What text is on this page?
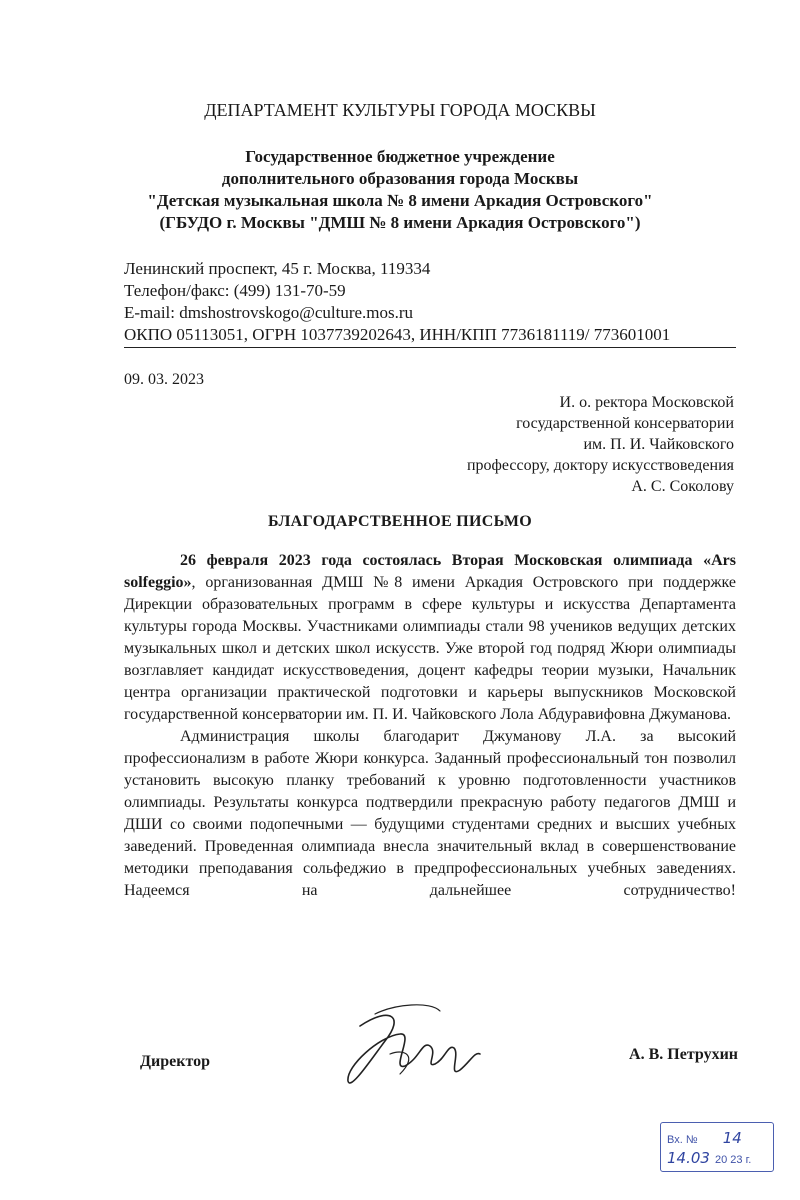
ДЕПАРТАМЕНТ КУЛЬТУРЫ ГОРОДА МОСКВЫ
Государственное бюджетное учреждение
дополнительного образования города Москвы
"Детская музыкальная школа № 8 имени Аркадия Островского"
(ГБУДО г. Москвы "ДМШ № 8 имени Аркадия Островского")
Ленинский проспект, 45 г. Москва, 119334
Телефон/факс: (499) 131-70-59
E-mail: dmshostrovskogo@culture.mos.ru
ОКПО 05113051, ОГРН 1037739202643, ИНН/КПП 7736181119/ 773601001
09. 03. 2023
И. о. ректора Московской
государственной консерватории
им. П. И. Чайковского
профессору, доктору искусствоведения
А. С. Соколову
БЛАГОДАРСТВЕННОЕ ПИСЬМО

26 февраля 2023 года состоялась Вторая Московская олимпиада «Ars solfeggio», организованная ДМШ №8 имени Аркадия Островского при поддержке Дирекции образовательных программ в сфере культуры и искусства Департамента культуры города Москвы. Участниками олимпиады стали 98 учеников ведущих детских музыкальных школ и детских школ искусств. Уже второй год подряд Жюри олимпиады возглавляет кандидат искусствоведения, доцент кафедры теории музыки, Начальник центра организации практической подготовки и карьеры выпускников Московской государственной консерватории им. П. И. Чайковского Лола Абдуравифовна Джуманова.

Администрация школы благодарит Джуманову Л.А. за высокий профессионализм в работе Жюри конкурса. Заданный профессиональный тон позволил установить высокую планку требований к уровню подготовленности участников олимпиады. Результаты конкурса подтвердили прекрасную работу педагогов ДМШ и ДШИ со своими подопечными — будущими студентами средних и высших учебных заведений. Проведенная олимпиада внесла значительный вклад в совершенствование методики преподавания сольфеджио в предпрофессиональных учебных заведениях. Надеемся на дальнейшее сотрудничество!

Директор	А. В. Петрухин
Вх. № 14
14.03 20 23 г.
